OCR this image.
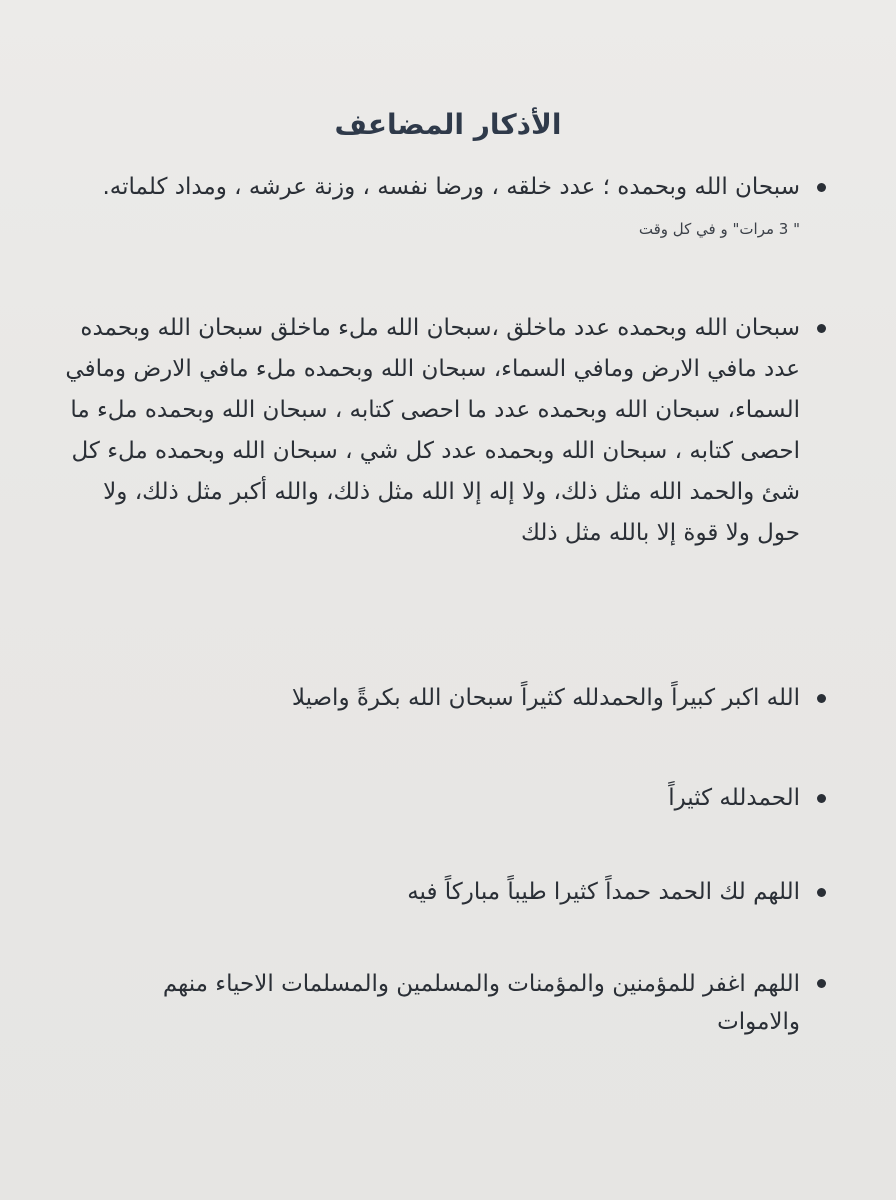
الأذكار المضاعف

سبحان الله وبحمده ؛ عدد خلقه ، ورضا نفسه ، وزنة عرشه ، ومداد كلماته. " 3 مرات" و في كل وقت

سبحان الله وبحمده عدد ماخلق ،سبحان الله ملء ماخلق سبحان الله وبحمده عدد مافي الارض ومافي السماء، سبحان الله وبحمده ملء مافي الارض ومافي السماء، سبحان الله وبحمده عدد ما احصى كتابه ، سبحان الله وبحمده ملء ما احصى كتابه ، سبحان الله وبحمده عدد كل شي ، سبحان الله وبحمده ملء كل شئ والحمد الله مثل ذلك، ولا إله إلا الله مثل ذلك، والله أكبر مثل ذلك، ولا حول ولا قوة إلا بالله مثل ذلك

الله اكبر كبيراً والحمدلله كثيراً سبحان الله بكرةً واصيلا

الحمدلله كثيراً

اللهم لك الحمد حمداً كثيرا طيباً مباركاً فيه

اللهم اغفر للمؤمنين والمؤمنات والمسلمين والمسلمات الاحياء منهم والاموات
